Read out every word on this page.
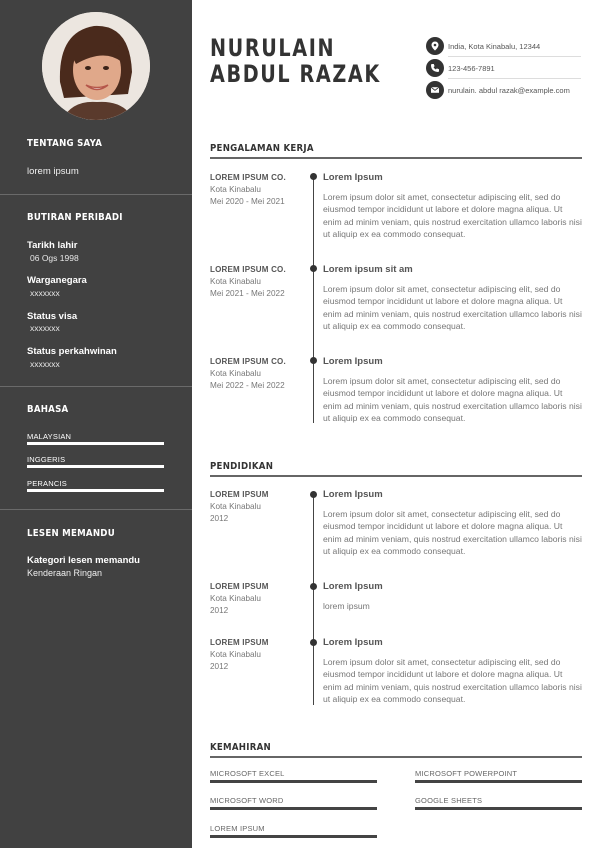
TENTANG SAYA
lorem ipsum
BUTIRAN PERIBADI
Tarikh lahir
06 Ogs 1998
Warganegara
xxxxxxx
Status visa
xxxxxxx
Status perkahwinan
xxxxxxx
BAHASA
MALAYSIAN
INGGERIS
PERANCIS
LESEN MEMANDU
Kategori lesen memandu
Kenderaan Ringan
NURULAIN
ABDUL RAZAK
India, Kota Kinabalu, 12344
123-456-7891
nurulain. abdul razak@example.com
PENGALAMAN KERJA
LOREM IPSUM CO.
Kota Kinabalu
Mei 2020 - Mei 2021
Lorem Ipsum
Lorem ipsum dolor sit amet, consectetur adipiscing elit, sed do eiusmod tempor incididunt ut labore et dolore magna aliqua. Ut enim ad minim veniam, quis nostrud exercitation ullamco laboris nisi ut aliquip ex ea commodo consequat.
LOREM IPSUM CO.
Kota Kinabalu
Mei 2021 - Mei 2022
Lorem ipsum sit am
Lorem ipsum dolor sit amet, consectetur adipiscing elit, sed do eiusmod tempor incididunt ut labore et dolore magna aliqua. Ut enim ad minim veniam, quis nostrud exercitation ullamco laboris nisi ut aliquip ex ea commodo consequat.
LOREM IPSUM CO.
Kota Kinabalu
Mei 2022 - Mei 2022
Lorem Ipsum
Lorem ipsum dolor sit amet, consectetur adipiscing elit, sed do eiusmod tempor incididunt ut labore et dolore magna aliqua. Ut enim ad minim veniam, quis nostrud exercitation ullamco laboris nisi ut aliquip ex ea commodo consequat.
PENDIDIKAN
LOREM IPSUM
Kota Kinabalu
2012
Lorem Ipsum
Lorem ipsum dolor sit amet, consectetur adipiscing elit, sed do eiusmod tempor incididunt ut labore et dolore magna aliqua. Ut enim ad minim veniam, quis nostrud exercitation ullamco laboris nisi ut aliquip ex ea commodo consequat.
LOREM IPSUM
Kota Kinabalu
2012
Lorem Ipsum
lorem ipsum
LOREM IPSUM
Kota Kinabalu
2012
Lorem Ipsum
Lorem ipsum dolor sit amet, consectetur adipiscing elit, sed do eiusmod tempor incididunt ut labore et dolore magna aliqua. Ut enim ad minim veniam, quis nostrud exercitation ullamco laboris nisi ut aliquip ex ea commodo consequat.
KEMAHIRAN
MICROSOFT EXCEL	MICROSOFT POWERPOINT
MICROSOFT WORD	GOOGLE SHEETS
LOREM IPSUM
